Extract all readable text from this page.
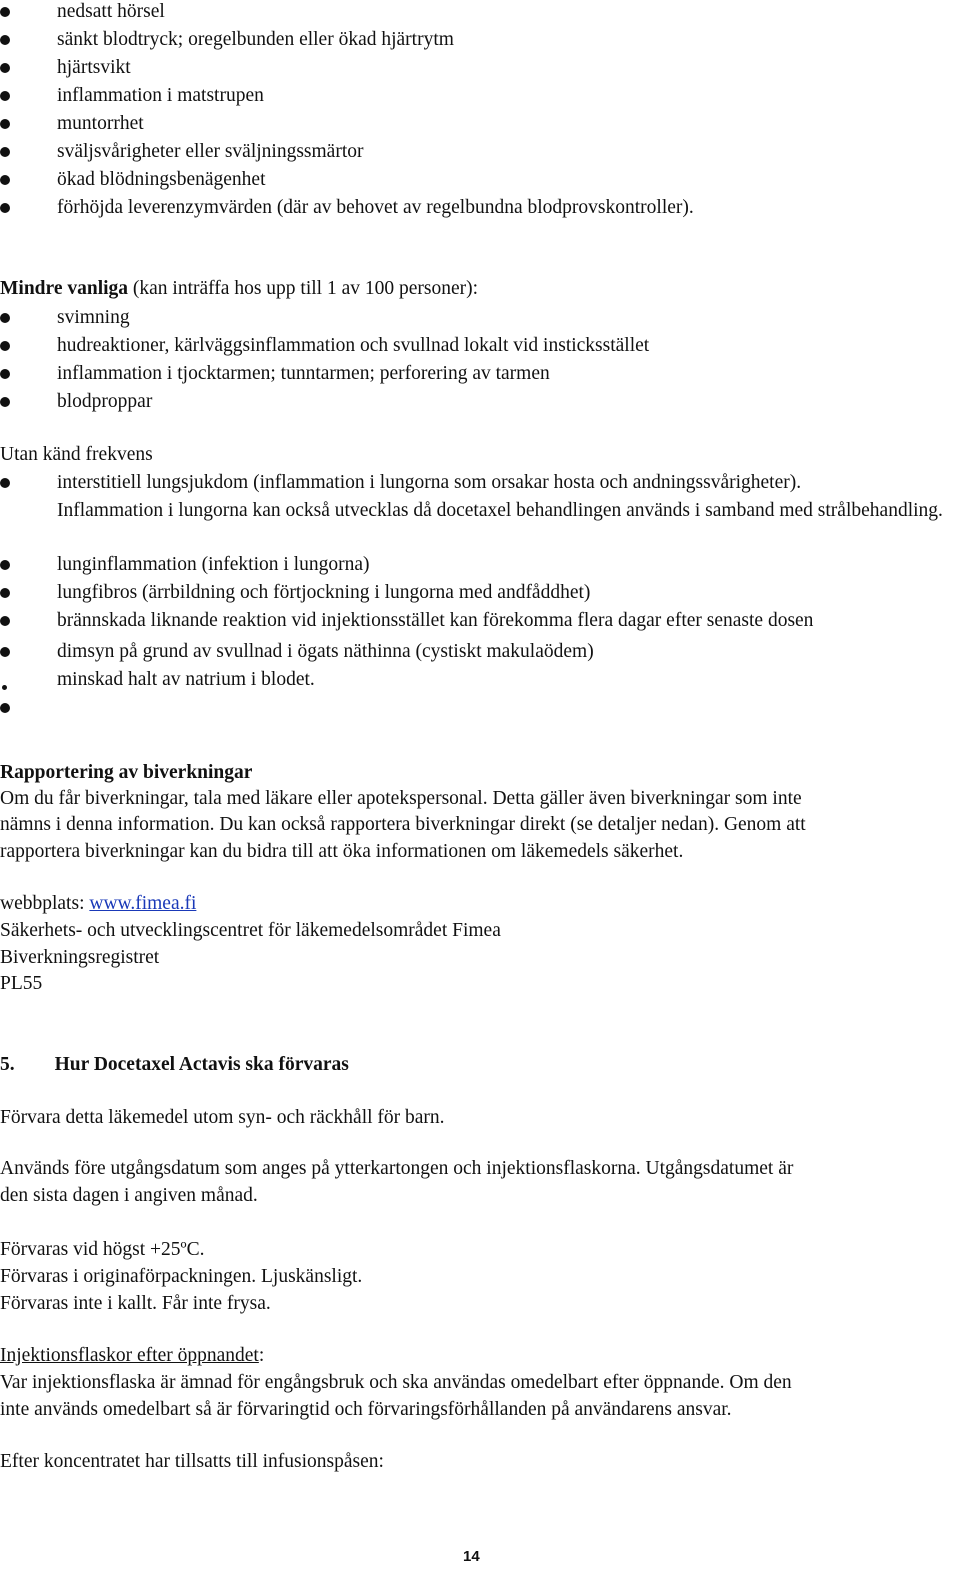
nedsatt hörsel
sänkt blodtryck; oregelbunden eller ökad hjärtrytm
hjärtsvikt
inflammation i matstrupen
muntorrhet
sväljsvårigheter eller sväljningssmärtor
ökad blödningsbenägenhet
förhöjda leverenzymvärden (där av behovet av regelbundna blodprovskontroller).
Mindre vanliga (kan inträffa hos upp till 1 av 100 personer):
svimning
hudreaktioner, kärlväggsinflammation och svullnad lokalt vid insticksstället
inflammation i tjocktarmen; tunntarmen; perforering av tarmen
blodproppar
Utan känd frekvens
interstitiell lungsjukdom (inflammation i lungorna som orsakar hosta och andningssvårigheter).
Inflammation i lungorna kan också utvecklas då docetaxel behandlingen används i samband med strålbehandling.
lunginflammation (infektion i lungorna)
lungfibros (ärrbildning och förtjockning i lungorna med andfåddhet)
brännskada liknande reaktion vid injektionsstället kan förekomma flera dagar efter senaste dosen
dimsyn på grund av svullnad i ögats näthinna (cystiskt makulaödem)
minskad halt av natrium i blodet.
Rapportering av biverkningar
Om du får biverkningar, tala med läkare eller apotekspersonal. Detta gäller även biverkningar som inte
nämns i denna information. Du kan också rapportera biverkningar direkt (se detaljer nedan). Genom att
rapportera biverkningar kan du bidra till att öka informationen om läkemedels säkerhet.
webbplats: www.fimea.fi
Säkerhets- och utvecklingscentret för läkemedelsområdet Fimea
Biverkningsregistret
PL55
5. Hur Docetaxel Actavis ska förvaras
Förvara detta läkemedel utom syn- och räckhåll för barn.
Används före utgångsdatum som anges på ytterkartongen och injektionsflaskorna. Utgångsdatumet är
den sista dagen i angiven månad.
Förvaras vid högst +25ºC.
Förvaras i originaförpackningen. Ljuskänsligt.
Förvaras inte i kallt. Får inte frysa.
Injektionsflaskor efter öppnandet:
Var injektionsflaska är ämnad för engångsbruk och ska användas omedelbart efter öppnande. Om den
inte används omedelbart så är förvaringtid och förvaringsförhållanden på användarens ansvar.
Efter koncentratet har tillsatts till infusionspåsen:
14
